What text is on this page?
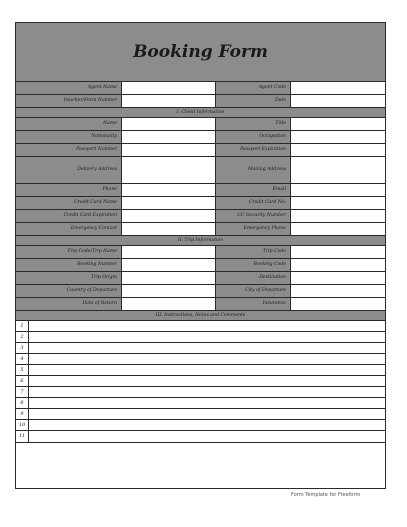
Booking Form
Agent Name	Agent Code
Voucher/Form Number	Date
I. Client Information
Name	Title
Nationality	Occupation
Passport Number	Passport Expiration
Delivery Address	Mailing Address
Phone	Email
Credit Card Name	Credit Card No.
Credit Card Expiration	CC Security Number
Emergency Contact	Emergency Phone
II. Trip Information
Trip Code/Trip Name	Trip Code
Booking Number	Booking Code
Trip Origin	Destination
Country of Departure	City of Departure
Date of Return	Insurance
III. Instructions, Notes and Comments
1
2
3
4
5
6
7
8
9
10
11
Form Template for Freeform
